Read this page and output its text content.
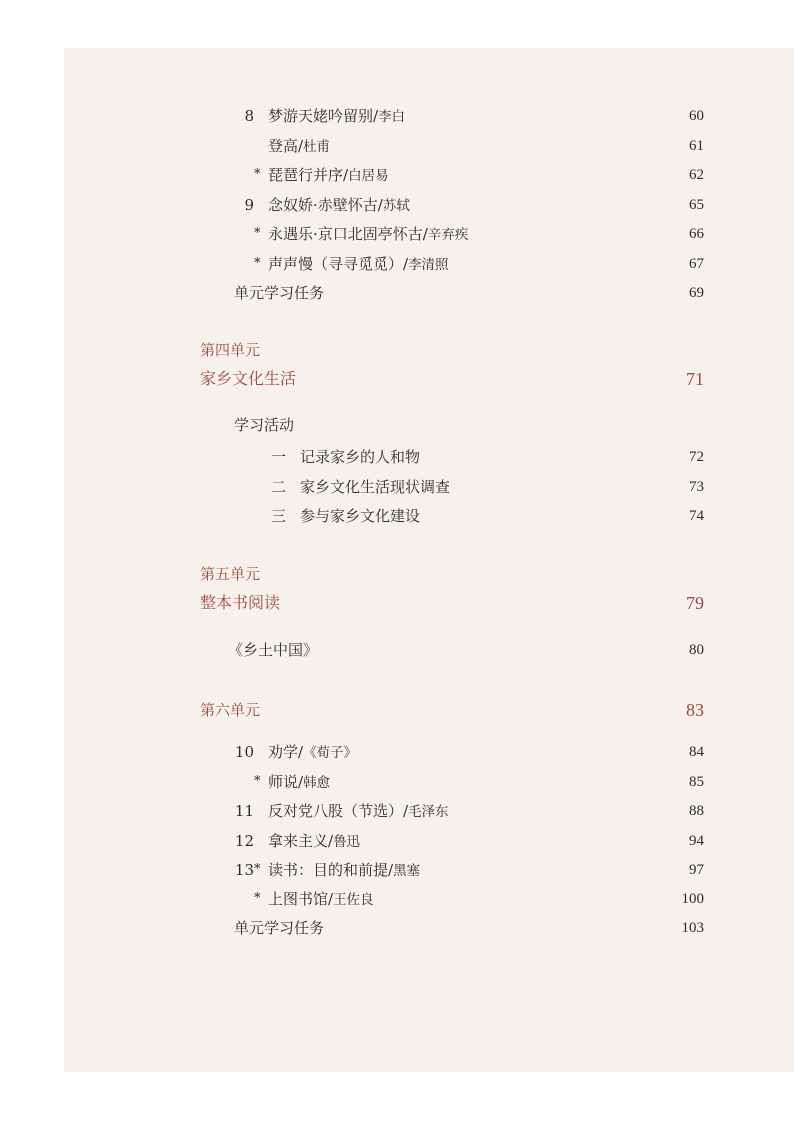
8 梦游天姥吟留别/李白	60
登高/杜甫	61
* 琵琶行并序/白居易	62
9 念奴娇·赤壁怀古/苏轼	65
* 永遇乐·京口北固亭怀古/辛弃疾	66
* 声声慢（寻寻觅觅）/李清照	67
单元学习任务	69
第四单元
家乡文化生活	71
学习活动
一 记录家乡的人和物	72
二 家乡文化生活现状调查	73
三 参与家乡文化建设	74
第五单元
整本书阅读	79
《乡土中国》	80
第六单元	83
10 劝学/《荀子》	84
* 师说/韩愈	85
11 反对党八股（节选）/毛泽东	88
12 拿来主义/鲁迅	94
13 * 读书：目的和前提/黑塞	97
* 上图书馆/王佐良	100
单元学习任务	103
